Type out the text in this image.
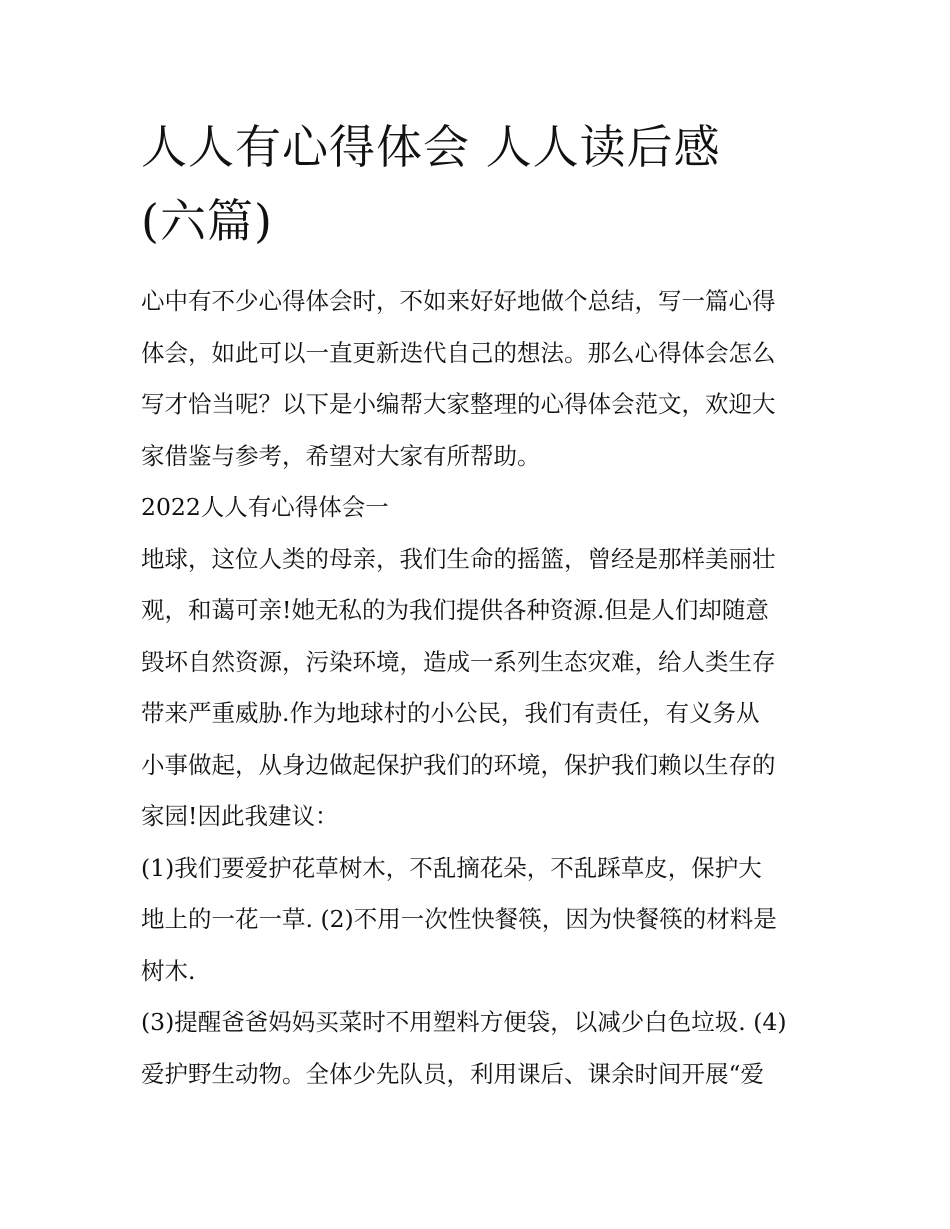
人人有心得体会 人人读后感
(六篇)
心中有不少心得体会时，不如来好好地做个总结，写一篇心得
体会，如此可以一直更新迭代自己的想法。那么心得体会怎么
写才恰当呢？以下是小编帮大家整理的心得体会范文，欢迎大
家借鉴与参考，希望对大家有所帮助。
2022人人有心得体会一
地球，这位人类的母亲，我们生命的摇篮，曾经是那样美丽壮
观，和蔼可亲!她无私的为我们提供各种资源.但是人们却随意
毁坏自然资源，污染环境，造成一系列生态灾难，给人类生存
带来严重威胁.作为地球村的小公民，我们有责任，有义务从
小事做起，从身边做起保护我们的环境，保护我们赖以生存的
家园!因此我建议：
(1)我们要爱护花草树木，不乱摘花朵，不乱踩草皮，保护大
地上的一花一草. (2)不用一次性快餐筷，因为快餐筷的材料是
树木.
(3)提醒爸爸妈妈买菜时不用塑料方便袋，以减少白色垃圾. (4)
爱护野生动物。全体少先队员，利用课后、课余时间开展“爱
